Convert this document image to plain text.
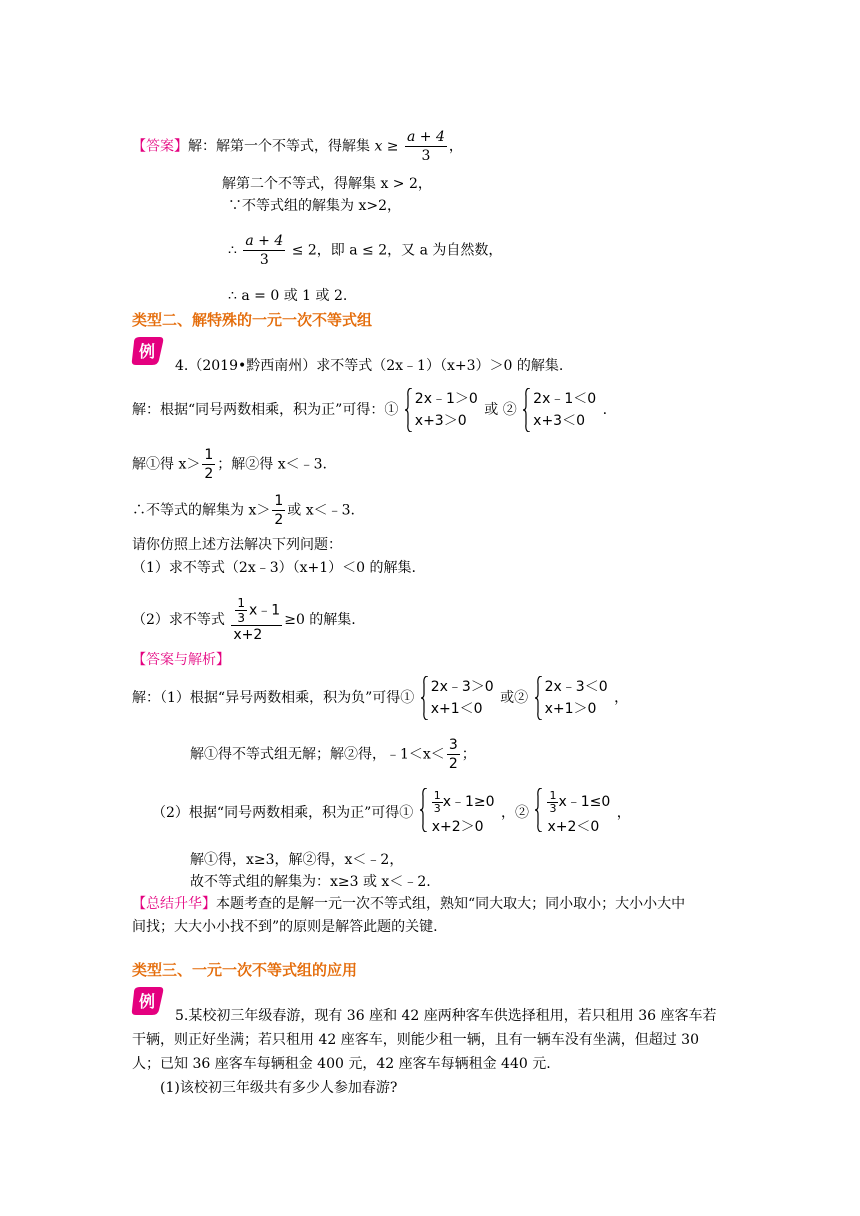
【答案】解：解第一个不等式，得解集 $x \ge \frac{a + 4}{3}$ ，
解第二个不等式，得解集 x > 2，
∵不等式组的解集为 x>2，
∴ $\frac{a + 4}{3} \le 2$，即 a ≤ 2，又 a 为自然数，
∴ a = 0 或 1 或 2.
类型二、解特殊的一元一次不等式组
例
4.（2019•黔西南州）求不等式（2x﹣1）（x+3）＞0 的解集.
解：根据“同号两数相乘，积为正”可得：①
2x﹣1＞0
x+3＞0
或 ②
2x﹣1＜0
x+3＜0
.
解①得 $x> \frac{1}{2}$ ；解②得 x＜﹣3.
∴不等式的解集为 $x> \frac{1}{2}$ 或 x＜﹣3.
请你仿照上述方法解决下列问题：
（1）求不等式（2x﹣3）（x+1）＜0 的解集.
（2）求不等式 $\frac{\frac{1}{3} x﹣1}{x+2} \ge 0$ 的解集.
【答案与解析】
解：（1）根据“异号两数相乘，积为负”可得①
2x﹣3＞0
x+1＜0
或②
2x﹣3＜0
x+1＞0
，
解①得不等式组无解；解②得，﹣1＜x＜ $\frac{3}{2}$ ；
（2）根据“同号两数相乘，积为正”可得① $\frac{1}{3}$ x﹣1≥0
x+2＞0
，② $\frac{1}{3}$ x﹣1≤0
x+2＜0
，
解①得，x≥3，解②得，x＜﹣2，
故不等式组的解集为：x≥3 或 x＜﹣2.
【总结升华】本题考查的是解一元一次不等式组，熟知“同大取大；同小取小；大小小大中
间找；大大小小找不到”的原则是解答此题的关键.
类型三、一元一次不等式组的应用
例
5.某校初三年级春游，现有 36 座和 42 座两种客车供选择租用，若只租用 36 座客车若
干辆，则正好坐满；若只租用 42 座客车，则能少租一辆，且有一辆车没有坐满，但超过 30
人；已知 36 座客车每辆租金 400 元，42 座客车每辆租金 440 元.
(1)该校初三年级共有多少人参加春游?
